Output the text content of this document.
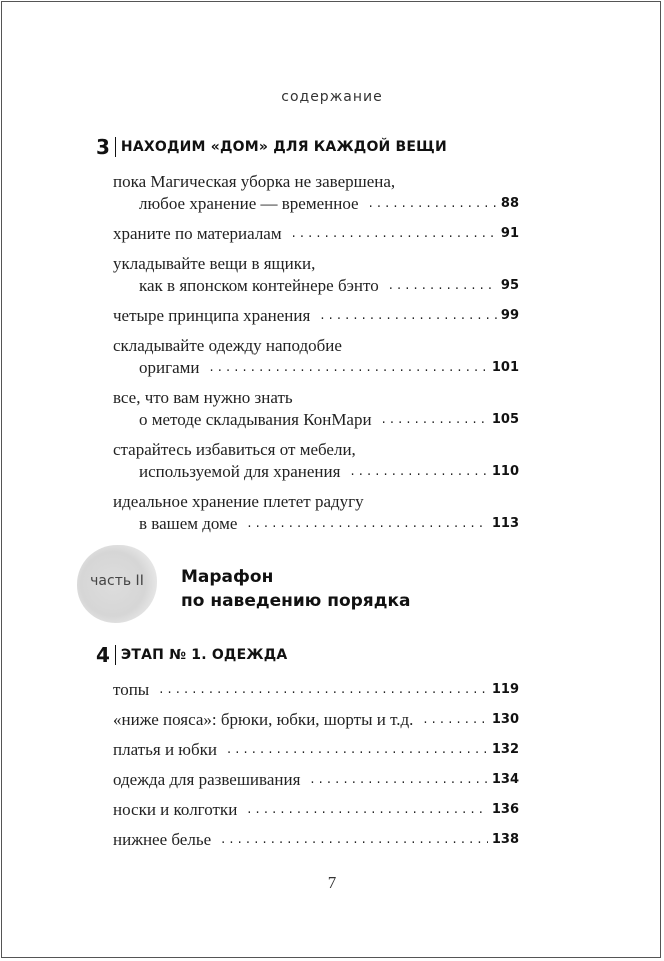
содержание
3 НАХОДИМ «ДОМ» ДЛЯ КАЖДОЙ ВЕЩИ
пока Магическая уборка не завершена,
любое хранение — временное . . .	88
храните по материалам . . .	91
укладывайте вещи в ящики,
как в японском контейнере бэнто . . .	95
четыре принципа хранения . . .	99
складывайте одежду наподобие
оригами . . .	101
все, что вам нужно знать
о методе складывания КонМари . . .	105
старайтесь избавиться от мебели,
используемой для хранения . . .	110
идеальное хранение плетет радугу
в вашем доме . . .	113
часть II	Марафон
по наведению порядка
4 ЭТАП № 1. ОДЕЖДА
топы . . .	119
«ниже пояса»: брюки, юбки, шорты и т.д. . . .	130
платья и юбки . . .	132
одежда для развешивания . . .	134
носки и колготки . . .	136
нижнее белье . . .	138
7
